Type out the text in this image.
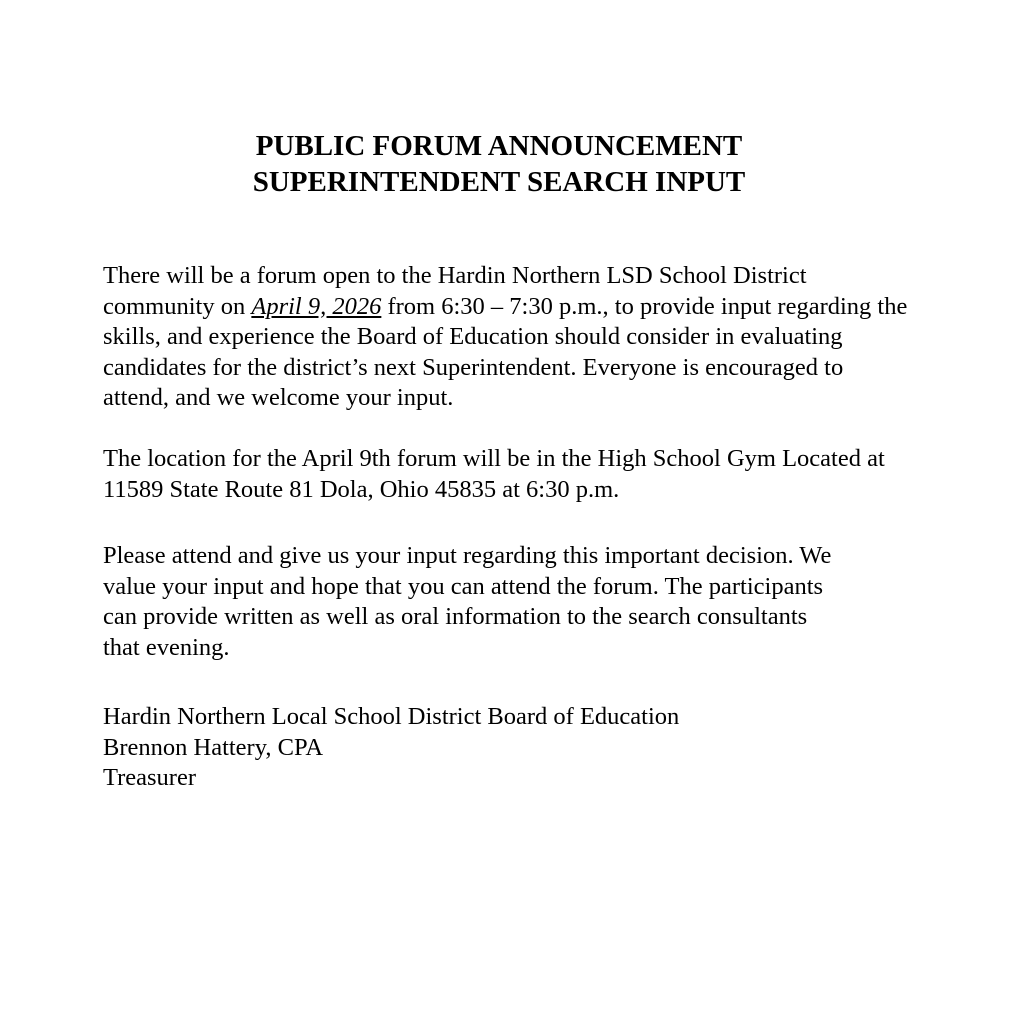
PUBLIC FORUM ANNOUNCEMENT
SUPERINTENDENT SEARCH INPUT
There will be a forum open to the Hardin Northern LSD School District
community on April 9, 2026 from 6:30 – 7:30 p.m., to provide input regarding the
skills, and experience the Board of Education should consider in evaluating
candidates for the district’s next Superintendent. Everyone is encouraged to
attend, and we welcome your input.
The location for the April 9th forum will be in the High School Gym Located at
11589 State Route 81 Dola, Ohio 45835 at 6:30 p.m.
Please attend and give us your input regarding this important decision. We
value your input and hope that you can attend the forum. The participants
can provide written as well as oral information to the search consultants
that evening.
Hardin Northern Local School District Board of Education
Brennon Hattery, CPA
Treasurer
